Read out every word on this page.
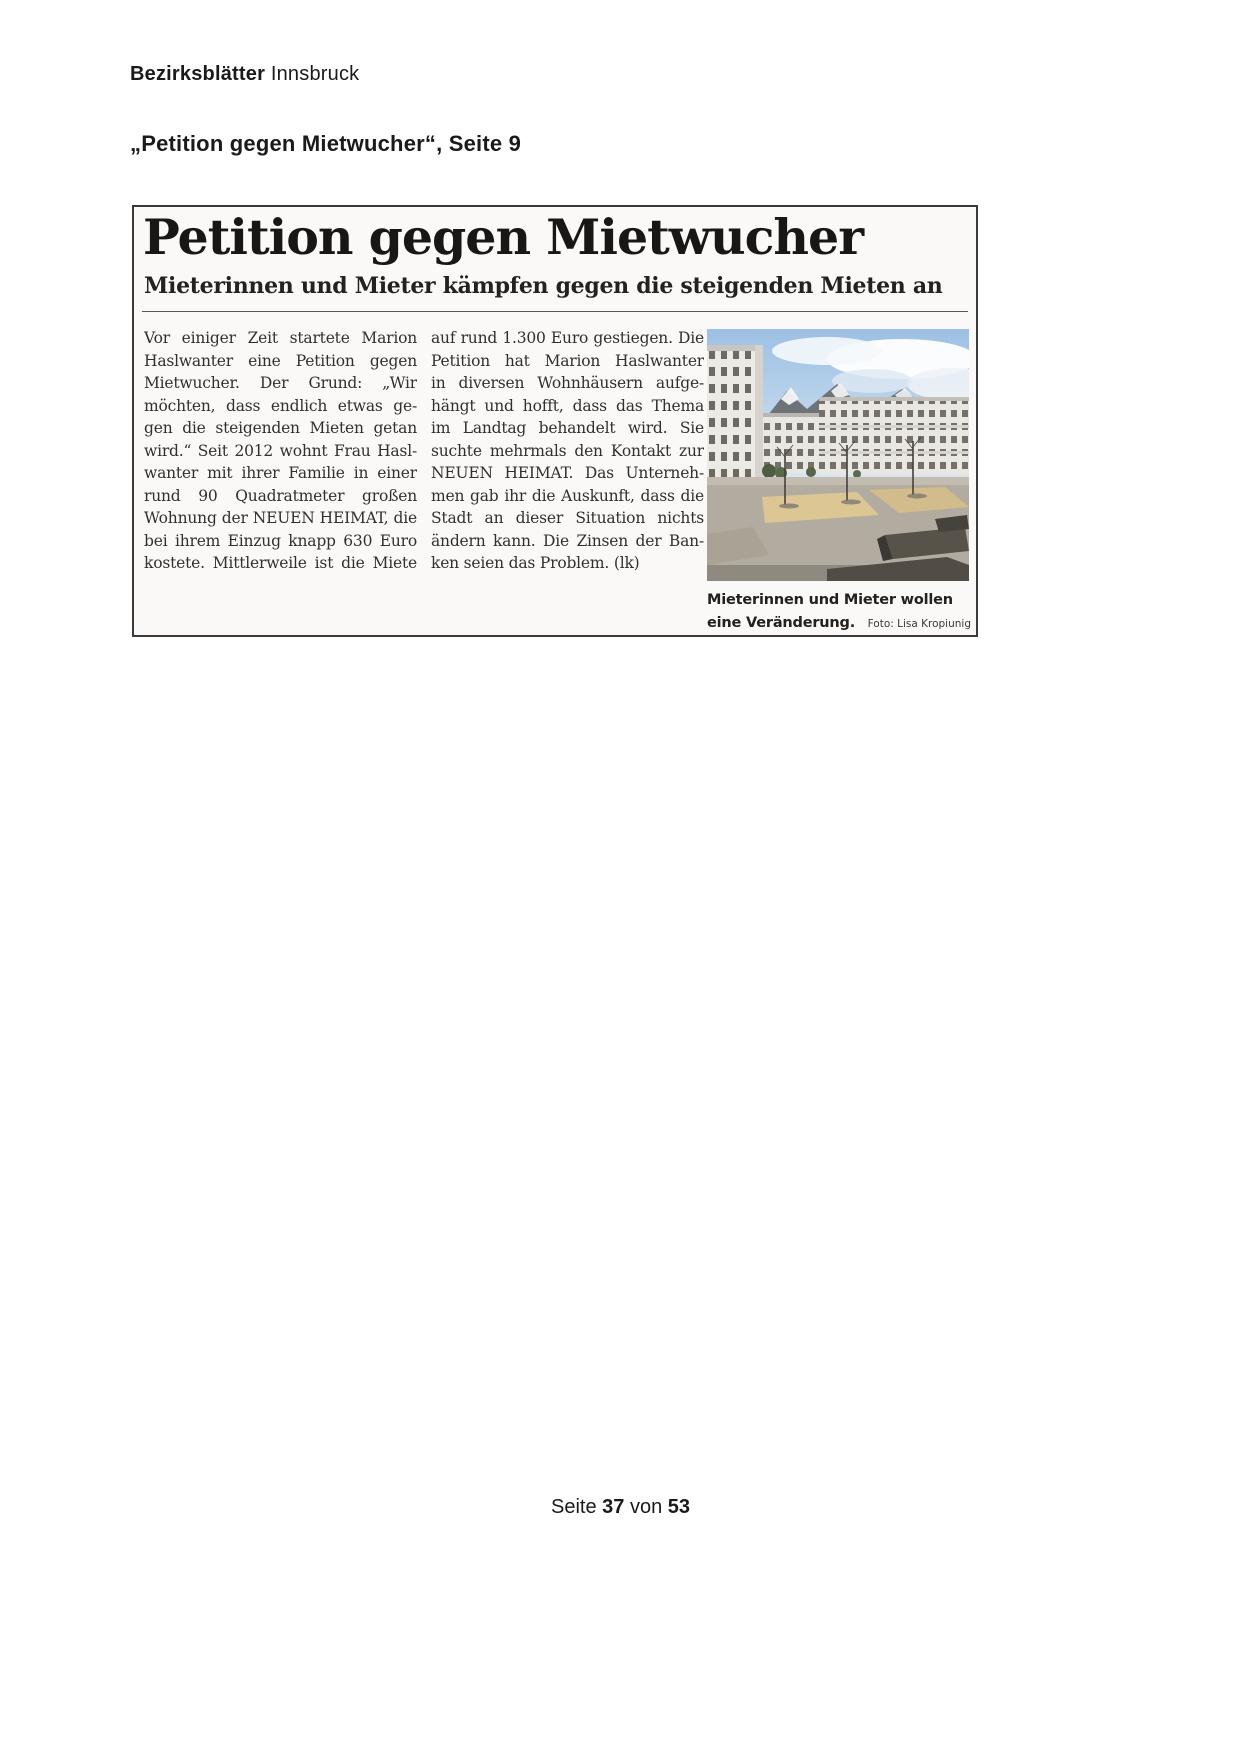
Bezirksblätter Innsbruck
„Petition gegen Mietwucher“, Seite 9
Petition gegen Mietwucher
Mieterinnen und Mieter kämpfen gegen die steigenden Mieten an
Vor einiger Zeit startete Marion
Haslwanter eine Petition gegen
Mietwucher. Der Grund: „Wir
möchten, dass endlich etwas ge-
gen die steigenden Mieten getan
wird.“ Seit 2012 wohnt Frau Hasl-
wanter mit ihrer Familie in einer
rund 90 Quadratmeter großen
Wohnung der NEUEN HEIMAT, die
bei ihrem Einzug knapp 630 Euro
kostete. Mittlerweile ist die Miete
auf rund 1.300 Euro gestiegen. Die
Petition hat Marion Haslwanter
in diversen Wohnhäusern aufge-
hängt und hofft, dass das Thema
im Landtag behandelt wird. Sie
suchte mehrmals den Kontakt zur
NEUEN HEIMAT. Das Unterneh-
men gab ihr die Auskunft, dass die
Stadt an dieser Situation nichts
ändern kann. Die Zinsen der Ban-
ken seien das Problem. (lk)
Mieterinnen und Mieter wollen
eine Veränderung. Foto: Lisa Kropiunig
Seite 37 von 53
